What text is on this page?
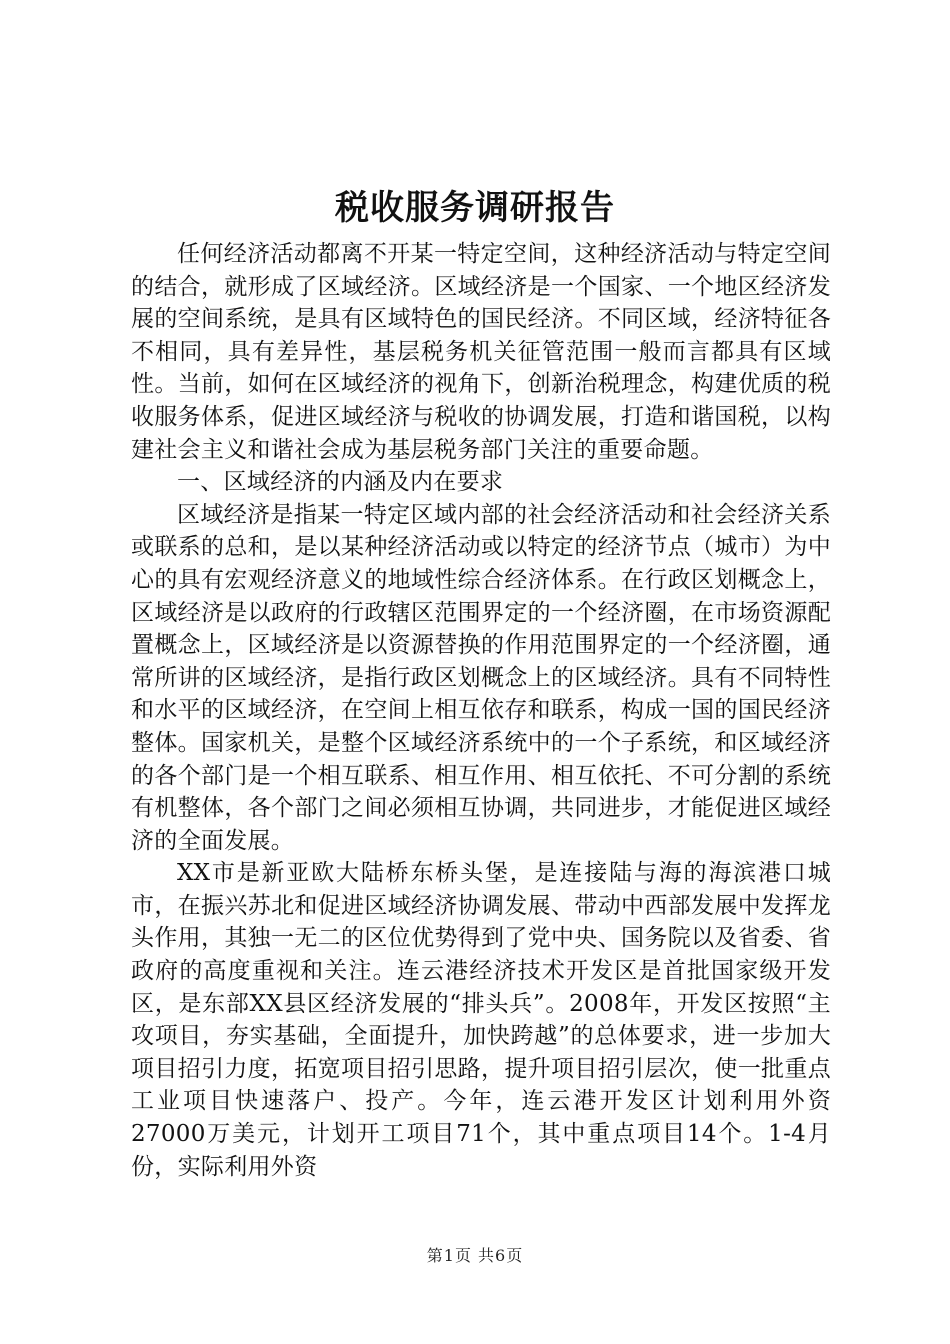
税收服务调研报告

任何经济活动都离不开某一特定空间，这种经济活动与特定空间的结合，就形成了区域经济。区域经济是一个国家、一个地区经济发展的空间系统，是具有区域特色的国民经济。不同区域，经济特征各不相同，具有差异性，基层税务机关征管范围一般而言都具有区域性。当前，如何在区域经济的视角下，创新治税理念，构建优质的税收服务体系，促进区域经济与税收的协调发展，打造和谐国税，以构建社会主义和谐社会成为基层税务部门关注的重要命题。

一、区域经济的内涵及内在要求

区域经济是指某一特定区域内部的社会经济活动和社会经济关系或联系的总和，是以某种经济活动或以特定的经济节点（城市）为中心的具有宏观经济意义的地域性综合经济体系。在行政区划概念上，区域经济是以政府的行政辖区范围界定的一个经济圈，在市场资源配置概念上，区域经济是以资源替换的作用范围界定的一个经济圈，通常所讲的区域经济，是指行政区划概念上的区域经济。具有不同特性和水平的区域经济，在空间上相互依存和联系，构成一国的国民经济整体。国家机关，是整个区域经济系统中的一个子系统，和区域经济的各个部门是一个相互联系、相互作用、相互依托、不可分割的系统有机整体，各个部门之间必须相互协调，共同进步，才能促进区域经济的全面发展。

XX市是新亚欧大陆桥东桥头堡，是连接陆与海的海滨港口城市，在振兴苏北和促进区域经济协调发展、带动中西部发展中发挥龙头作用，其独一无二的区位优势得到了党中央、国务院以及省委、省政府的高度重视和关注。连云港经济技术开发区是首批国家级开发区，是东部XX县区经济发展的“排头兵”。2008年，开发区按照“主攻项目，夯实基础，全面提升，加快跨越”的总体要求，进一步加大项目招引力度，拓宽项目招引思路，提升项目招引层次，使一批重点工业项目快速落户、投产。今年，连云港开发区计划利用外资27000万美元，计划开工项目71个，其中重点项目14个。1-4月份，实际利用外资

第1页 共6页
